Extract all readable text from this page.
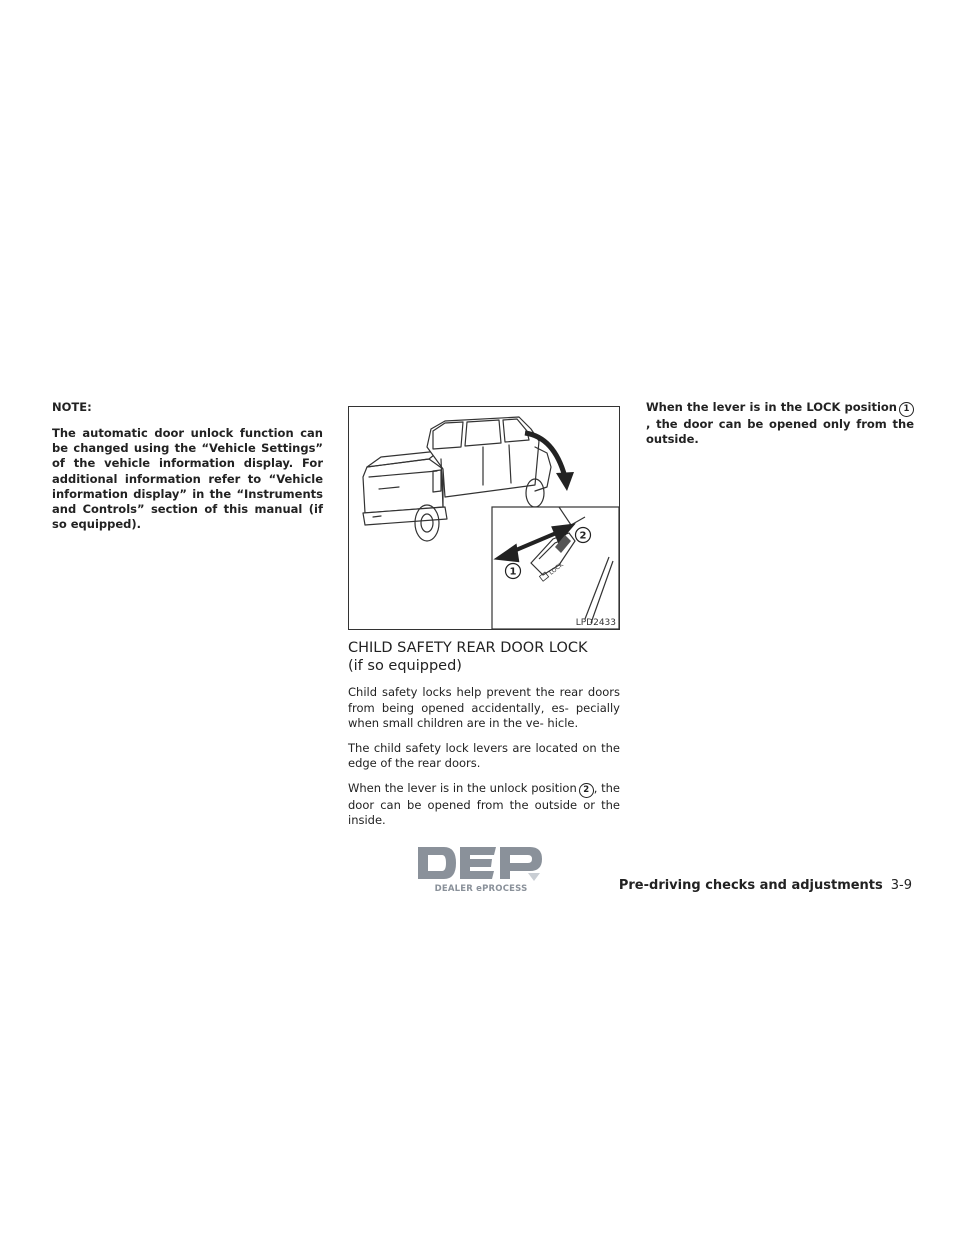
NOTE:

The automatic door unlock function can be changed using the “Vehicle Settings” of the vehicle information display. For additional information refer to “Vehicle information display” in the “Instruments and Controls” section of this manual (if so equipped).

2
1	LOCK
LPD2433
CHILD SAFETY REAR DOOR LOCK
(if so equipped)

Child safety locks help prevent the rear doors from being opened accidentally, es- pecially when small children are in the ve- hicle.

The child safety lock levers are located on the edge of the rear doors.

When the lever is in the unlock position 2 , the door can be opened from the outside or the inside.

When the lever is in the LOCK position 1, the door can be opened only from the outside.

DEALER ePROCESS	Pre-driving checks and adjustments 3-9
